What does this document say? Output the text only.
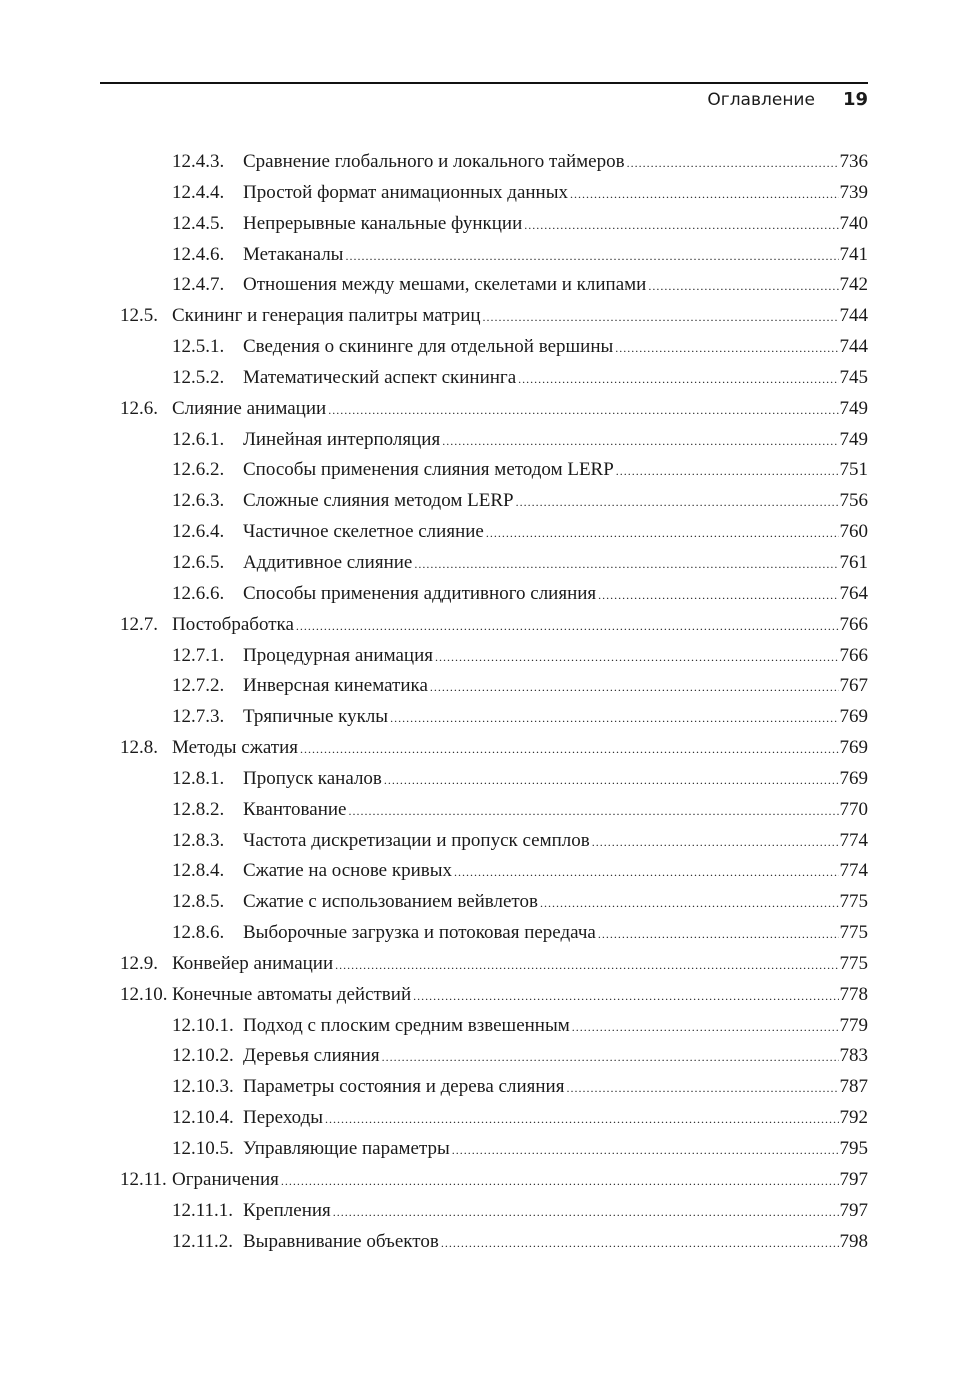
Оглавление 19
12.4.3. Сравнение глобального и локального таймеров .....	736
12.4.4. Простой формат анимационных данных .....	739
12.4.5. Непрерывные канальные функции .....	740
12.4.6. Метаканалы .....	741
12.4.7. Отношения между мешами, скелетами и клипами .....	742
12.5. Скининг и генерация палитры матриц .....	744
12.5.1. Сведения о скининге для отдельной вершины .....	744
12.5.2. Математический аспект скининга .....	745
12.6. Слияние анимации .....	749
12.6.1. Линейная интерполяция .....	749
12.6.2. Способы применения слияния методом LERP .....	751
12.6.3. Сложные слияния методом LERP .....	756
12.6.4. Частичное скелетное слияние .....	760
12.6.5. Аддитивное слияние .....	761
12.6.6. Способы применения аддитивного слияния .....	764
12.7. Постобработка .....	766
12.7.1. Процедурная анимация .....	766
12.7.2. Инверсная кинематика .....	767
12.7.3. Тряпичные куклы .....	769
12.8. Методы сжатия .....	769
12.8.1. Пропуск каналов .....	769
12.8.2. Квантование .....	770
12.8.3. Частота дискретизации и пропуск семплов .....	774
12.8.4. Сжатие на основе кривых .....	774
12.8.5. Сжатие с использованием вейвлетов .....	775
12.8.6. Выборочные загрузка и потоковая передача .....	775
12.9. Конвейер анимации .....	775
12.10. Конечные автоматы действий .....	778
12.10.1. Подход с плоским средним взвешенным .....	779
12.10.2. Деревья слияния .....	783
12.10.3. Параметры состояния и дерева слияния .....	787
12.10.4. Переходы .....	792
12.10.5. Управляющие параметры .....	795
12.11. Ограничения .....	797
12.11.1. Крепления .....	797
12.11.2. Выравнивание объектов .....	798
